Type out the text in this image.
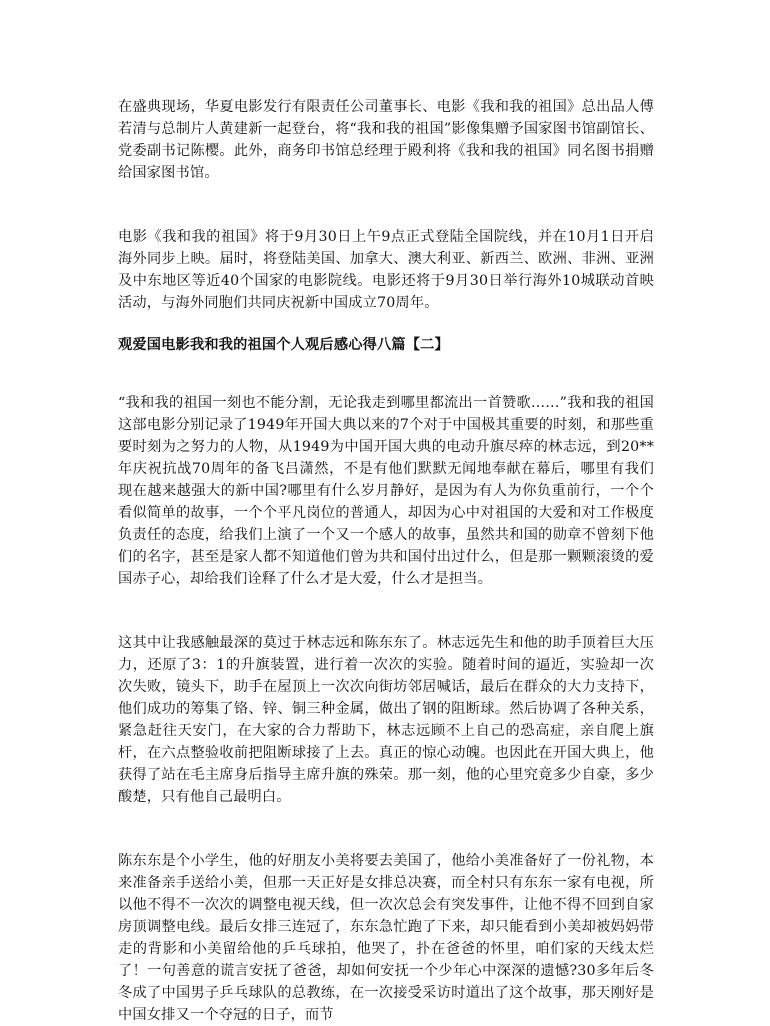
在盛典现场，华夏电影发行有限责任公司董事长、电影《我和我的祖国》总出品人傅若清与总制片人黄建新一起登台，将“我和我的祖国”影像集赠予国家图书馆副馆长、党委副书记陈樱。此外，商务印书馆总经理于殿利将《我和我的祖国》同名图书捐赠给国家图书馆。

电影《我和我的祖国》将于9月30日上午9点正式登陆全国院线，并在10月1日开启海外同步上映。届时，将登陆美国、加拿大、澳大利亚、新西兰、欧洲、非洲、亚洲及中东地区等近40个国家的电影院线。电影还将于9月30日举行海外10城联动首映活动，与海外同胞们共同庆祝新中国成立70周年。

观爱国电影我和我的祖国个人观后感心得八篇【二】

“我和我的祖国一刻也不能分割，无论我走到哪里都流出一首赞歌……”我和我的祖国这部电影分别记录了1949年开国大典以来的7个对于中国极其重要的时刻，和那些重要时刻为之努力的人物，从1949为中国开国大典的电动升旗尽瘁的林志远，到20**年庆祝抗战70周年的备飞吕潇然，不是有他们默默无闻地奉献在幕后，哪里有我们现在越来越强大的新中国?哪里有什么岁月静好，是因为有人为你负重前行，一个个看似简单的故事，一个个平凡岗位的普通人，却因为心中对祖国的大爱和对工作极度负责任的态度，给我们上演了一个又一个感人的故事，虽然共和国的勋章不曾刻下他们的名字，甚至是家人都不知道他们曾为共和国付出过什么，但是那一颗颗滚烫的爱国赤子心，却给我们诠释了什么才是大爱，什么才是担当。

这其中让我感触最深的莫过于林志远和陈东东了。林志远先生和他的助手顶着巨大压力，还原了3：1的升旗装置，进行着一次次的实验。随着时间的逼近，实验却一次次失败，镜头下，助手在屋顶上一次次向街坊邻居喊话，最后在群众的大力支持下，他们成功的筹集了铬、锌、铜三种金属，做出了钢的阻断球。然后协调了各种关系，紧急赶往天安门，在大家的合力帮助下，林志远顾不上自己的恐高症，亲自爬上旗杆，在六点整验收前把阻断球接了上去。真正的惊心动魄。也因此在开国大典上，他获得了站在毛主席身后指导主席升旗的殊荣。那一刻，他的心里究竟多少自豪，多少酸楚，只有他自己最明白。

陈东东是个小学生，他的好朋友小美将要去美国了，他给小美准备好了一份礼物，本来准备亲手送给小美，但那一天正好是女排总决赛，而全村只有东东一家有电视，所以他不得不一次次的调整电视天线，但一次次总会有突发事件，让他不得不回到自家房顶调整电线。最后女排三连冠了，东东急忙跑了下来，却只能看到小美却被妈妈带走的背影和小美留给他的乒乓球拍，他哭了，扑在爸爸的怀里，咱们家的天线太烂了！一句善意的谎言安抚了爸爸，却如何安抚一个少年心中深深的遗憾?30多年后冬冬成了中国男子乒乓球队的总教练，在一次接受采访时道出了这个故事，那天刚好是中国女排又一个夺冠的日子，而节
